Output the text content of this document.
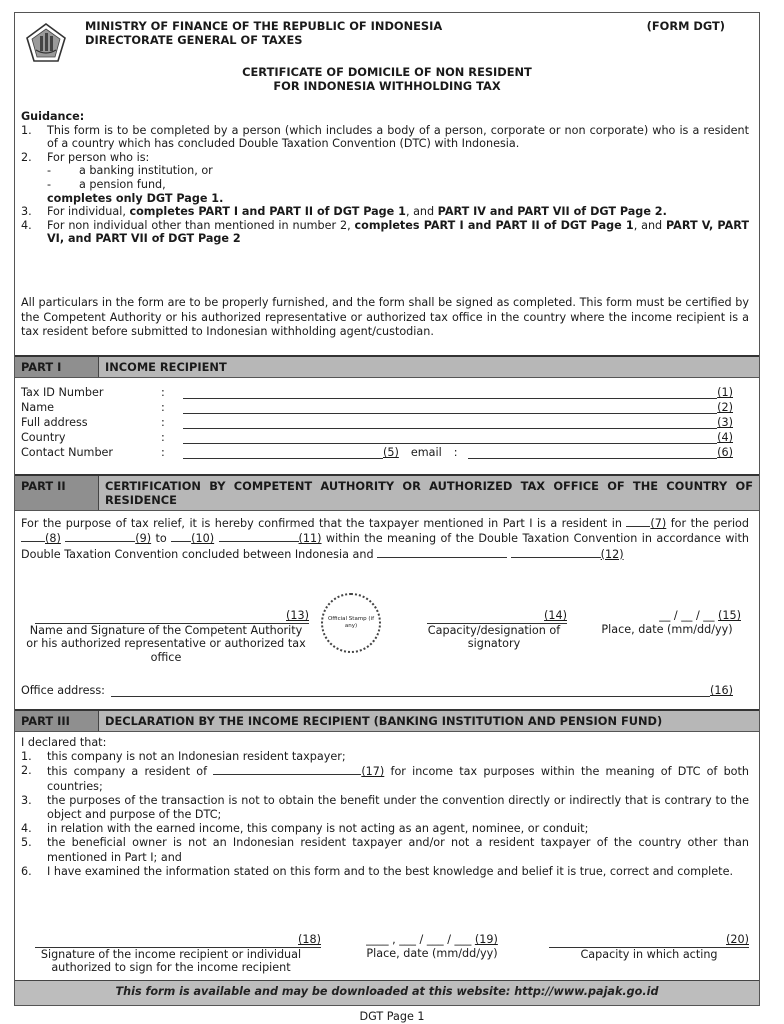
MINISTRY OF FINANCE OF THE REPUBLIC OF INDONESIA
DIRECTORATE GENERAL OF TAXES
(FORM DGT)
CERTIFICATE OF DOMICILE OF NON RESIDENT
FOR INDONESIA WITHHOLDING TAX
Guidance:
1.	This form is to be completed by a person (which includes a body of a person, corporate or non corporate) who is a resident of a country which has concluded Double Taxation Convention (DTC) with Indonesia.
2.	For person who is:
-	a banking institution, or
-	a pension fund,
completes only DGT Page 1.
3.	For individual, completes PART I and PART II of DGT Page 1, and PART IV and PART VII of DGT Page 2.
4.	For non individual other than mentioned in number 2, completes PART I and PART II of DGT Page 1, and PART V, PART VI, and PART VII of DGT Page 2
All particulars in the form are to be properly furnished, and the form shall be signed as completed. This form must be certified by the Competent Authority or his authorized representative or authorized tax office in the country where the income recipient is a tax resident before submitted to Indonesian withholding agent/custodian.
PART I	INCOME RECIPIENT
Tax ID Number	:	(1)
Name	:	(2)
Full address	:	(3)
Country	:	(4)
Contact Number	:	(5) email :	(6)
PART II	CERTIFICATION BY COMPETENT AUTHORITY OR AUTHORIZED TAX OFFICE OF THE COUNTRY OF RESIDENCE
For the purpose of tax relief, it is hereby confirmed that the taxpayer mentioned in Part I is a resident in	(7) for the period (8)	(9) to (10)	(11) within the meaning of the Double Taxation Convention in accordance with Double Taxation Convention concluded between Indonesia and	(12)
(13)
Name and Signature of the Competent Authority or his authorized representative or authorized tax office
Official Stamp (if any)
(14)
Capacity/designation of signatory
__ / __ / __ (15)
Place, date (mm/dd/yy)
Office address:	(16)
PART III	DECLARATION BY THE INCOME RECIPIENT (BANKING INSTITUTION AND PENSION FUND)
I declared that:
1.	this company is not an Indonesian resident taxpayer;
2.	this company a resident of	(17) for income tax purposes within the meaning of DTC of both countries;
3.	the purposes of the transaction is not to obtain the benefit under the convention directly or indirectly that is contrary to the object and purpose of the DTC;
4.	in relation with the earned income, this company is not acting as an agent, nominee, or conduit;
5.	the beneficial owner is not an Indonesian resident taxpayer and/or not a resident taxpayer of the country other than mentioned in Part I; and
6.	I have examined the information stated on this form and to the best knowledge and belief it is true, correct and complete.
(18)
Signature of the income recipient or individual authorized to sign for the income recipient
____ , ___ / ___ / ___ (19)
Place, date (mm/dd/yy)
(20)
Capacity in which acting
This form is available and may be downloaded at this website: http://www.pajak.go.id
DGT Page 1
